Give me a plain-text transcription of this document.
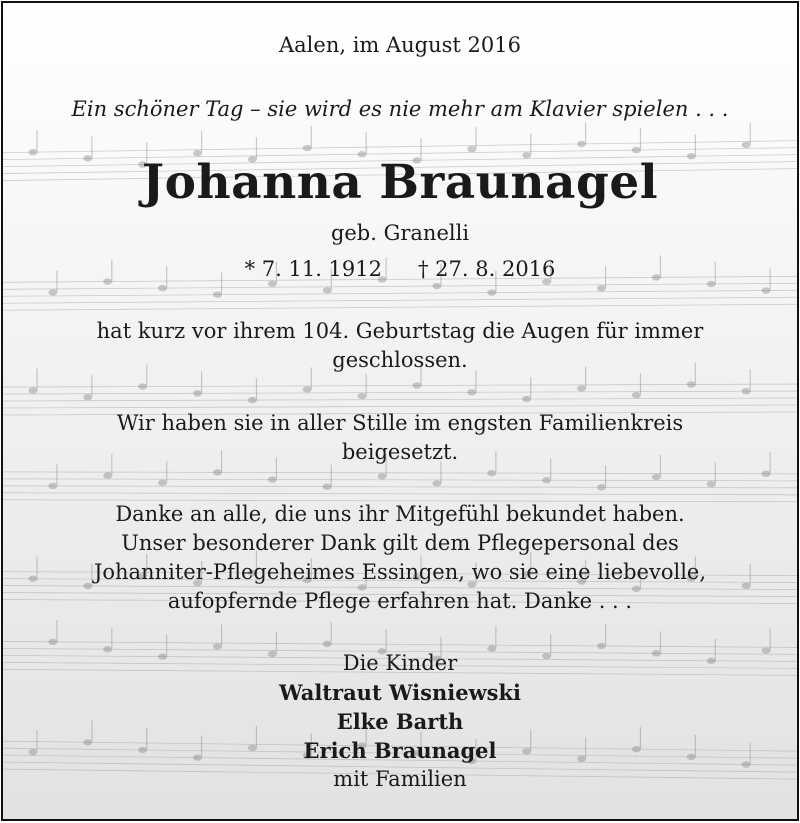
Aalen, im August 2016
Ein schöner Tag – sie wird es nie mehr am Klavier spielen . . .
Johanna Braunagel
geb. Granelli
* 7. 11. 1912 † 27. 8. 2016
hat kurz vor ihrem 104. Geburtstag die Augen für immer
geschlossen.
Wir haben sie in aller Stille im engsten Familienkreis
beigesetzt.
Danke an alle, die uns ihr Mitgefühl bekundet haben.
Unser besonderer Dank gilt dem Pflegepersonal des
Johanniter-Pflegeheimes Essingen, wo sie eine liebevolle,
aufopfernde Pflege erfahren hat. Danke . . .
Die Kinder
Waltraut Wisniewski
Elke Barth
Erich Braunagel
mit Familien
